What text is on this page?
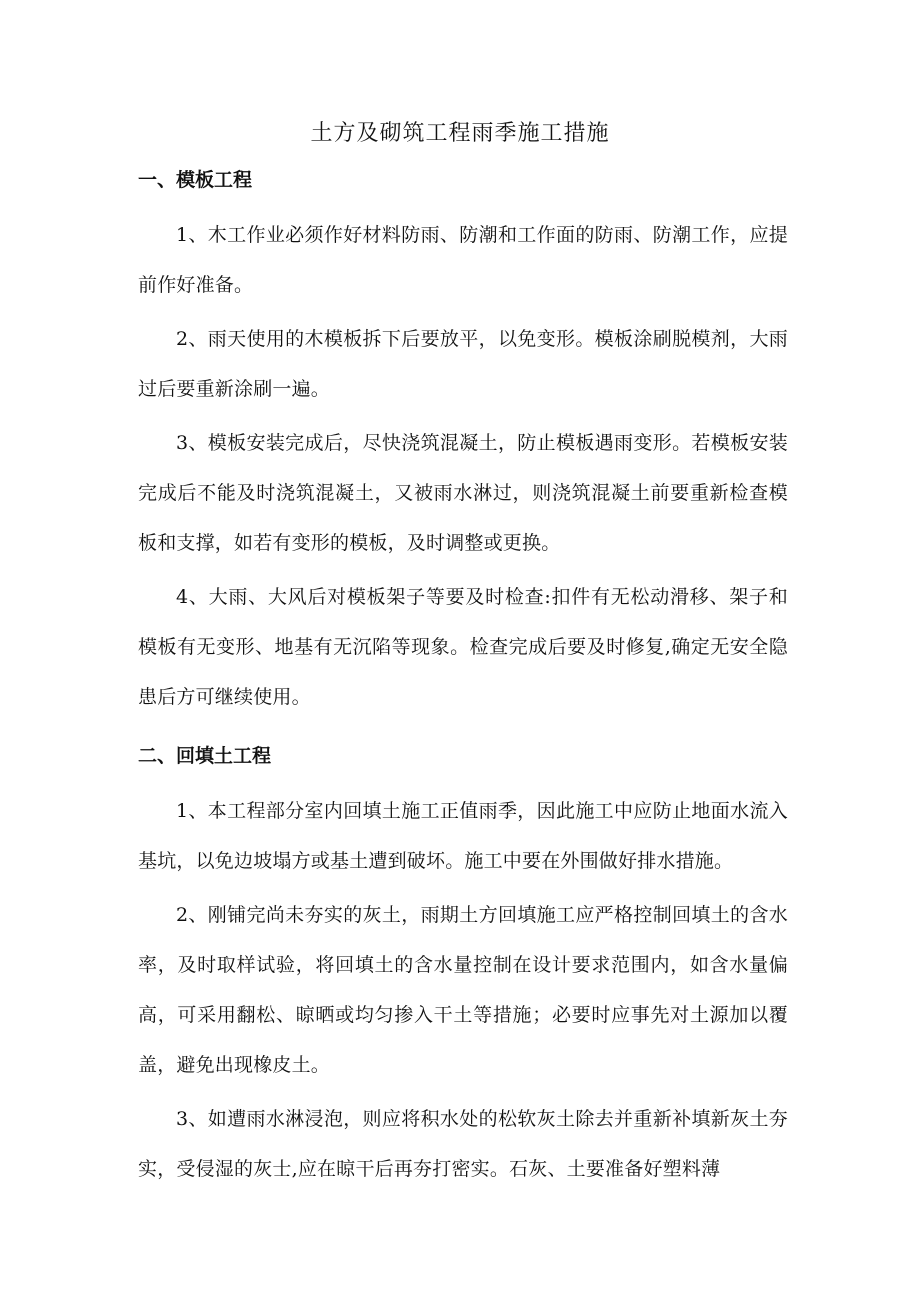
土方及砌筑工程雨季施工措施
一、模板工程

1、木工作业必须作好材料防雨、防潮和工作面的防雨、防潮工作，应提前作好准备。

2、雨天使用的木模板拆下后要放平，以免变形。模板涂刷脱模剂，大雨过后要重新涂刷一遍。

3、模板安装完成后，尽快浇筑混凝土，防止模板遇雨变形。若模板安装完成后不能及时浇筑混凝土，又被雨水淋过，则浇筑混凝土前要重新检查模板和支撑，如若有变形的模板，及时调整或更换。

4、大雨、大风后对模板架子等要及时检查:扣件有无松动滑移、架子和模板有无变形、地基有无沉陷等现象。检查完成后要及时修复,确定无安全隐患后方可继续使用。

二、回填土工程

1、本工程部分室内回填土施工正值雨季，因此施工中应防止地面水流入基坑，以免边坡塌方或基土遭到破坏。施工中要在外围做好排水措施。

2、刚铺完尚未夯实的灰土，雨期土方回填施工应严格控制回填土的含水率，及时取样试验，将回填土的含水量控制在设计要求范围内，如含水量偏高，可采用翻松、晾晒或均匀掺入干土等措施；必要时应事先对土源加以覆盖，避免出现橡皮土。

3、如遭雨水淋浸泡，则应将积水处的松软灰土除去并重新补填新灰土夯实，受侵湿的灰士,应在晾干后再夯打密实。石灰、土要准备好塑料薄
